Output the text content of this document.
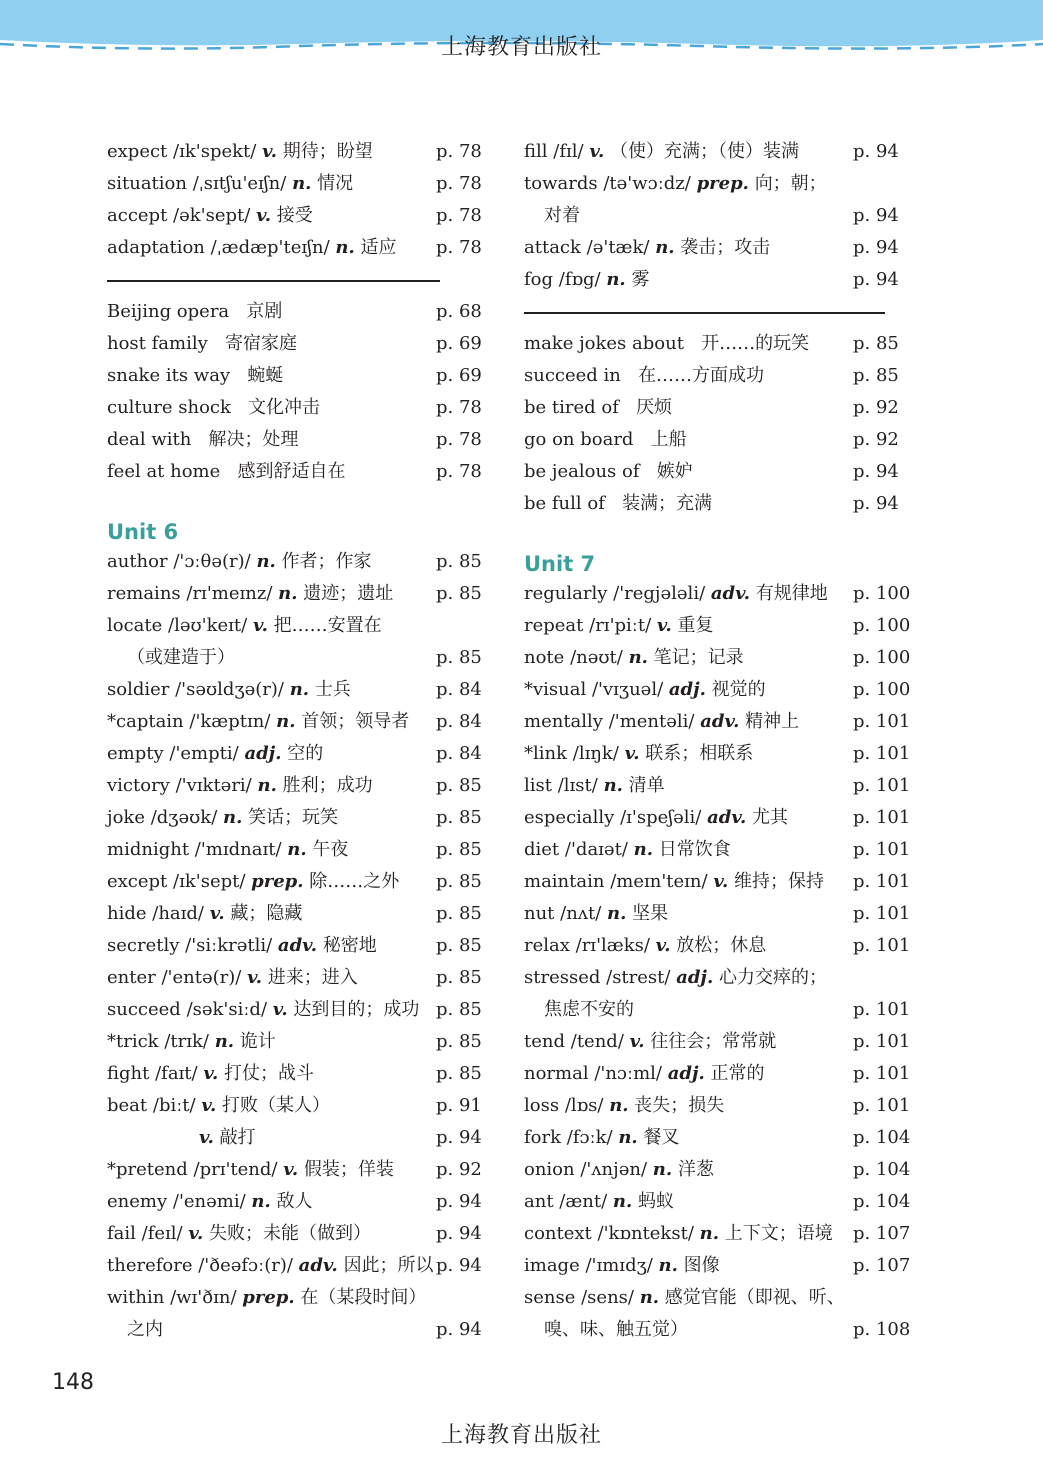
上海教育出版社
expect /ɪk'spekt/ v. 期待；盼望	p. 78
situation /ˌsɪtʃu'eɪʃn/ n. 情况	p. 78
accept /ək'sept/ v. 接受	p. 78
adaptation /ˌædæp'teɪʃn/ n. 适应 p. 78
Beijing opera 京剧	p. 68
host family 寄宿家庭	p. 69
snake its way 蜿蜒	p. 69
culture shock 文化冲击	p. 78
deal with 解决；处理	p. 78
feel at home 感到舒适自在	p. 78
Unit 6
author /'ɔːθə(r)/ n. 作者；作家	p. 85
remains /rɪ'meɪnz/ n. 遗迹；遗址 p. 85
locate /ləʊ'keɪt/ v. 把……安置在
（或建造于）	p. 85
soldier /'səʊldʒə(r)/ n. 士兵	p. 84
*captain /'kæptɪn/ n. 首领；领导者 p. 84
empty /'empti/ adj. 空的	p. 84
victory /'vɪktəri/ n. 胜利；成功	p. 85
joke /dʒəʊk/ n. 笑话；玩笑	p. 85
midnight /'mɪdnaɪt/ n. 午夜	p. 85
except /ɪk'sept/ prep. 除……之外 p. 85
hide /haɪd/ v. 藏；隐藏	p. 85
secretly /'siːkrətli/ adv. 秘密地	p. 85
enter /'entə(r)/ v. 进来；进入	p. 85
succeed /sək'siːd/ v. 达到目的；成功 p. 85
*trick /trɪk/ n. 诡计	p. 85
fight /faɪt/ v. 打仗；战斗	p. 85
beat /biːt/ v. 打败（某人）	p. 91
v. 敲打	p. 94
*pretend /prɪ'tend/ v. 假装；佯装 p. 92
enemy /'enəmi/ n. 敌人	p. 94
fail /feɪl/ v. 失败；未能（做到）	p. 94
therefore /'ðeəfɔː(r)/ adv. 因此；所以 p. 94
within /wɪ'ðɪn/ prep. 在（某段时间）
之内	p. 94
fill /fɪl/ v. （使）充满；（使）装满	p. 94
towards /tə'wɔːdz/ prep. 向；朝；
对着	p. 94
attack /ə'tæk/ n. 袭击；攻击	p. 94
fog /fɒg/ n. 雾	p. 94
make jokes about 开……的玩笑 p. 85
succeed in 在……方面成功	p. 85
be tired of 厌烦	p. 92
go on board 上船	p. 92
be jealous of 嫉妒	p. 94
be full of 装满；充满	p. 94
Unit 7
regularly /'regjələli/ adv. 有规律地 p. 100
repeat /rɪ'piːt/ v. 重复	p. 100
note /nəʊt/ n. 笔记；记录	p. 100
*visual /'vɪʒuəl/ adj. 视觉的	p. 100
mentally /'mentəli/ adv. 精神上	p. 101
*link /lɪŋk/ v. 联系；相联系	p. 101
list /lɪst/ n. 清单	p. 101
especially /ɪ'speʃəli/ adv. 尤其	p. 101
diet /'daɪət/ n. 日常饮食	p. 101
maintain /meɪn'teɪn/ v. 维持；保持 p. 101
nut /nʌt/ n. 坚果	p. 101
relax /rɪ'læks/ v. 放松；休息	p. 101
stressed /strest/ adj. 心力交瘁的；
焦虑不安的	p. 101
tend /tend/ v. 往往会；常常就	p. 101
normal /'nɔːml/ adj. 正常的	p. 101
loss /lɒs/ n. 丧失；损失	p. 101
fork /fɔːk/ n. 餐叉	p. 104
onion /'ʌnjən/ n. 洋葱	p. 104
ant /ænt/ n. 蚂蚁	p. 104
context /'kɒntekst/ n. 上下文；语境 p. 107
image /'ɪmɪdʒ/ n. 图像	p. 107
sense /sens/ n. 感觉官能（即视、听、
嗅、味、触五觉）	p. 108
148
上海教育出版社
